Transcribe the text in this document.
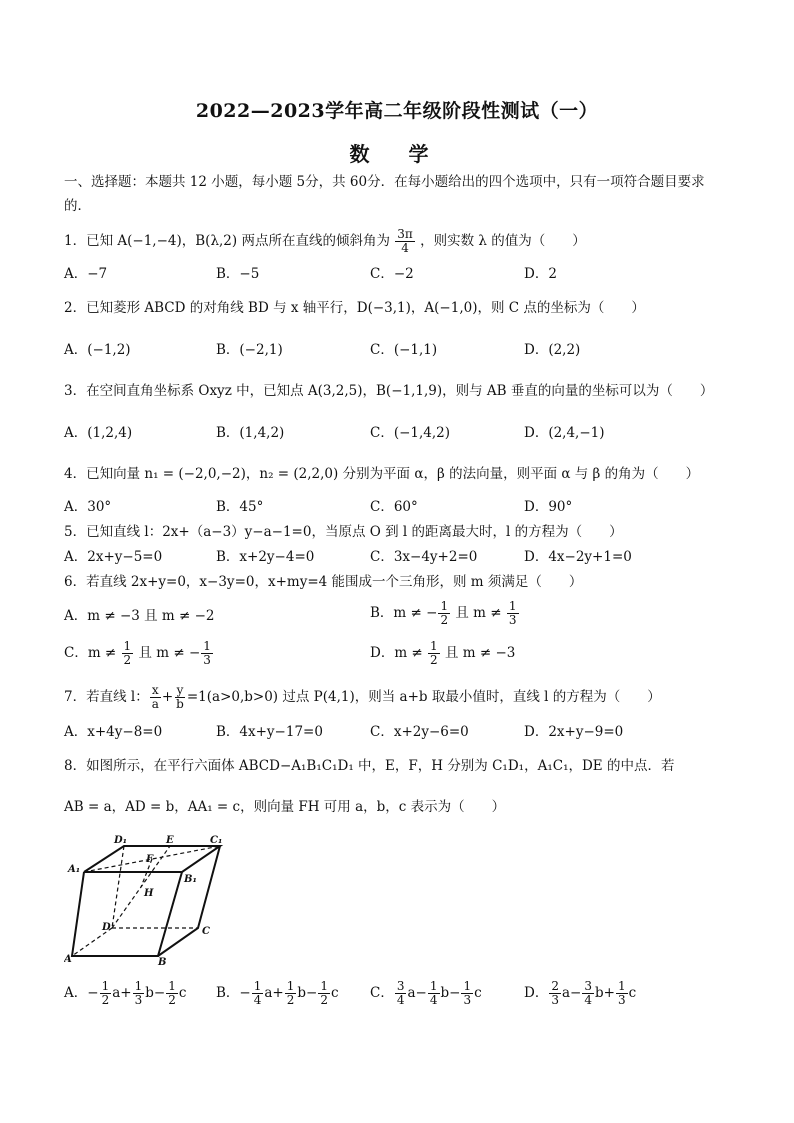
2022—2023学年高二年级阶段性测试（一）
数 学
一、选择题：本题共 12 小题，每小题 5分，共 60分．在每小题给出的四个选项中，只有一项符合题目要求
的．
1．已知 A(−1,−4)，B(λ,2) 两点所在直线的倾斜角为 $\frac{3\pi}{4}$ ，则实数 λ 的值为（　　）
A．−7	B．−5	C．−2	D．2
2．已知菱形 ABCD 的对角线 BD 与 x 轴平行，D(−3,1)，A(−1,0)，则 C 点的坐标为（　　）
A．(−1,2)	B．(−2,1)	C．(−1,1)	D．(2,2)
3．在空间直角坐标系 Oxyz 中，已知点 A(3,2,5)，B(−1,1,9)，则与 AB 垂直的向量的坐标可以为（　　）
A．(1,2,4)	B．(1,4,2)	C．(−1,4,2)	D．(2,4,−1)
4．已知向量 n₁ = (−2,0,−2)，n₂ = (2,2,0) 分别为平面 α，β 的法向量，则平面 α 与 β 的角为（　　）
A．30°	B．45°	C．60°	D．90°
5．已知直线 l：2x+（a−3）y−a−1=0，当原点 O 到 l 的距离最大时，l 的方程为（　　）
A．2x+y−5=0	B．x+2y−4=0	C．3x−4y+2=0	D．4x−2y+1=0
6．若直线 2x+y=0，x−3y=0，x+my=4 能围成一个三角形，则 m 须满足（　　）
A．m ≠ −3 且 m ≠ −2	B．m ≠ − $\frac{1}{2}$ 且 $m \ne \frac{1}{3}$
C．$m \ne \frac{1}{2}$ 且 m ≠ − $\frac{1}{3}$	D．$m \ne \frac{1}{2}$ 且 m ≠ −3
7．若直线 l： $\frac{x}{a} + \frac{y}{b} =1(a>0,b>0)$ 过点 P(4,1)，则当 a+b 取最小值时，直线 l 的方程为（　　）
A．x+4y−8=0	B．4x+y−17=0	C．x+2y−6=0	D．2x+y−9=0
8．如图所示，在平行六面体 ABCD−A₁B₁C₁D₁ 中，E，F，H 分别为 C₁D₁，A₁C₁，DE 的中点．若
AB = a，AD = b，AA₁ = c，则向量 FH 可用 a，b，c 表示为（　　）
D₁	E	C₁
A₁
F
B₁
H
D	C
A	B
A．− $\frac{1}{2} a+ \frac{1}{3} b- \frac{1}{2}$ c B．− $\frac{1}{4} a+ \frac{1}{2} b- \frac{1}{2}$ c C． $\frac{3}{4} a- \frac{1}{4} b- \frac{1}{3}$ c	D． $\frac{2}{3} a- \frac{3}{4} b+ \frac{1}{3}$ c
